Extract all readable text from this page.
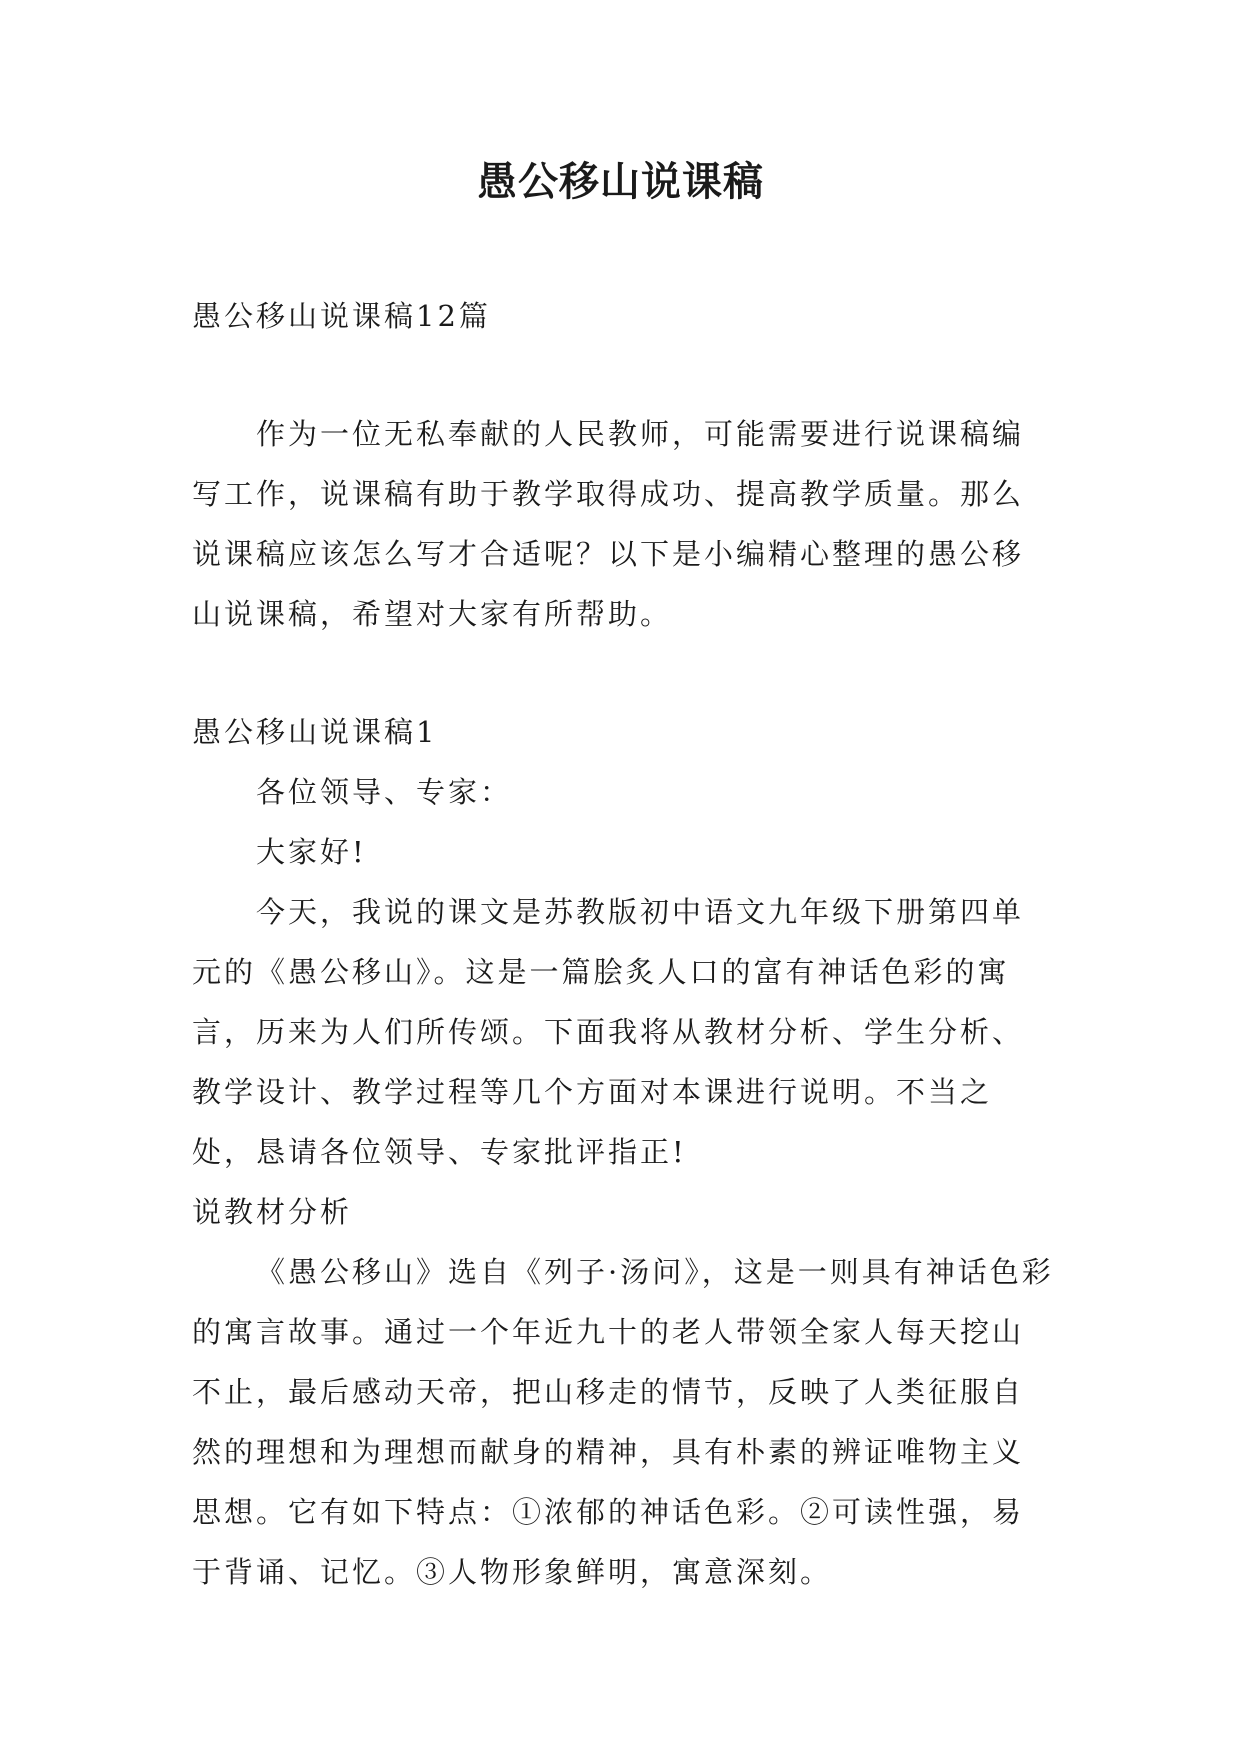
愚公移山说课稿

愚公移山说课稿12篇

作为一位无私奉献的人民教师，可能需要进行说课稿编写工作，说课稿有助于教学取得成功、提高教学质量。那么说课稿应该怎么写才合适呢？以下是小编精心整理的愚公移山说课稿，希望对大家有所帮助。

愚公移山说课稿1

各位领导、专家：

大家好!

今天，我说的课文是苏教版初中语文九年级下册第四单元的《愚公移山》。这是一篇脍炙人口的富有神话色彩的寓言，历来为人们所传颂。下面我将从教材分析、学生分析、教学设计、教学过程等几个方面对本课进行说明。不当之处，恳请各位领导、专家批评指正!

说教材分析

《愚公移山》选自《列子·汤问》，这是一则具有神话色彩的寓言故事。通过一个年近九十的老人带领全家人每天挖山不止，最后感动天帝，把山移走的情节，反映了人类征服自然的理想和为理想而献身的精神，具有朴素的辨证唯物主义思想。它有如下特点：①浓郁的神话色彩。②可读性强，易于背诵、记忆。③人物形象鲜明，寓意深刻。
